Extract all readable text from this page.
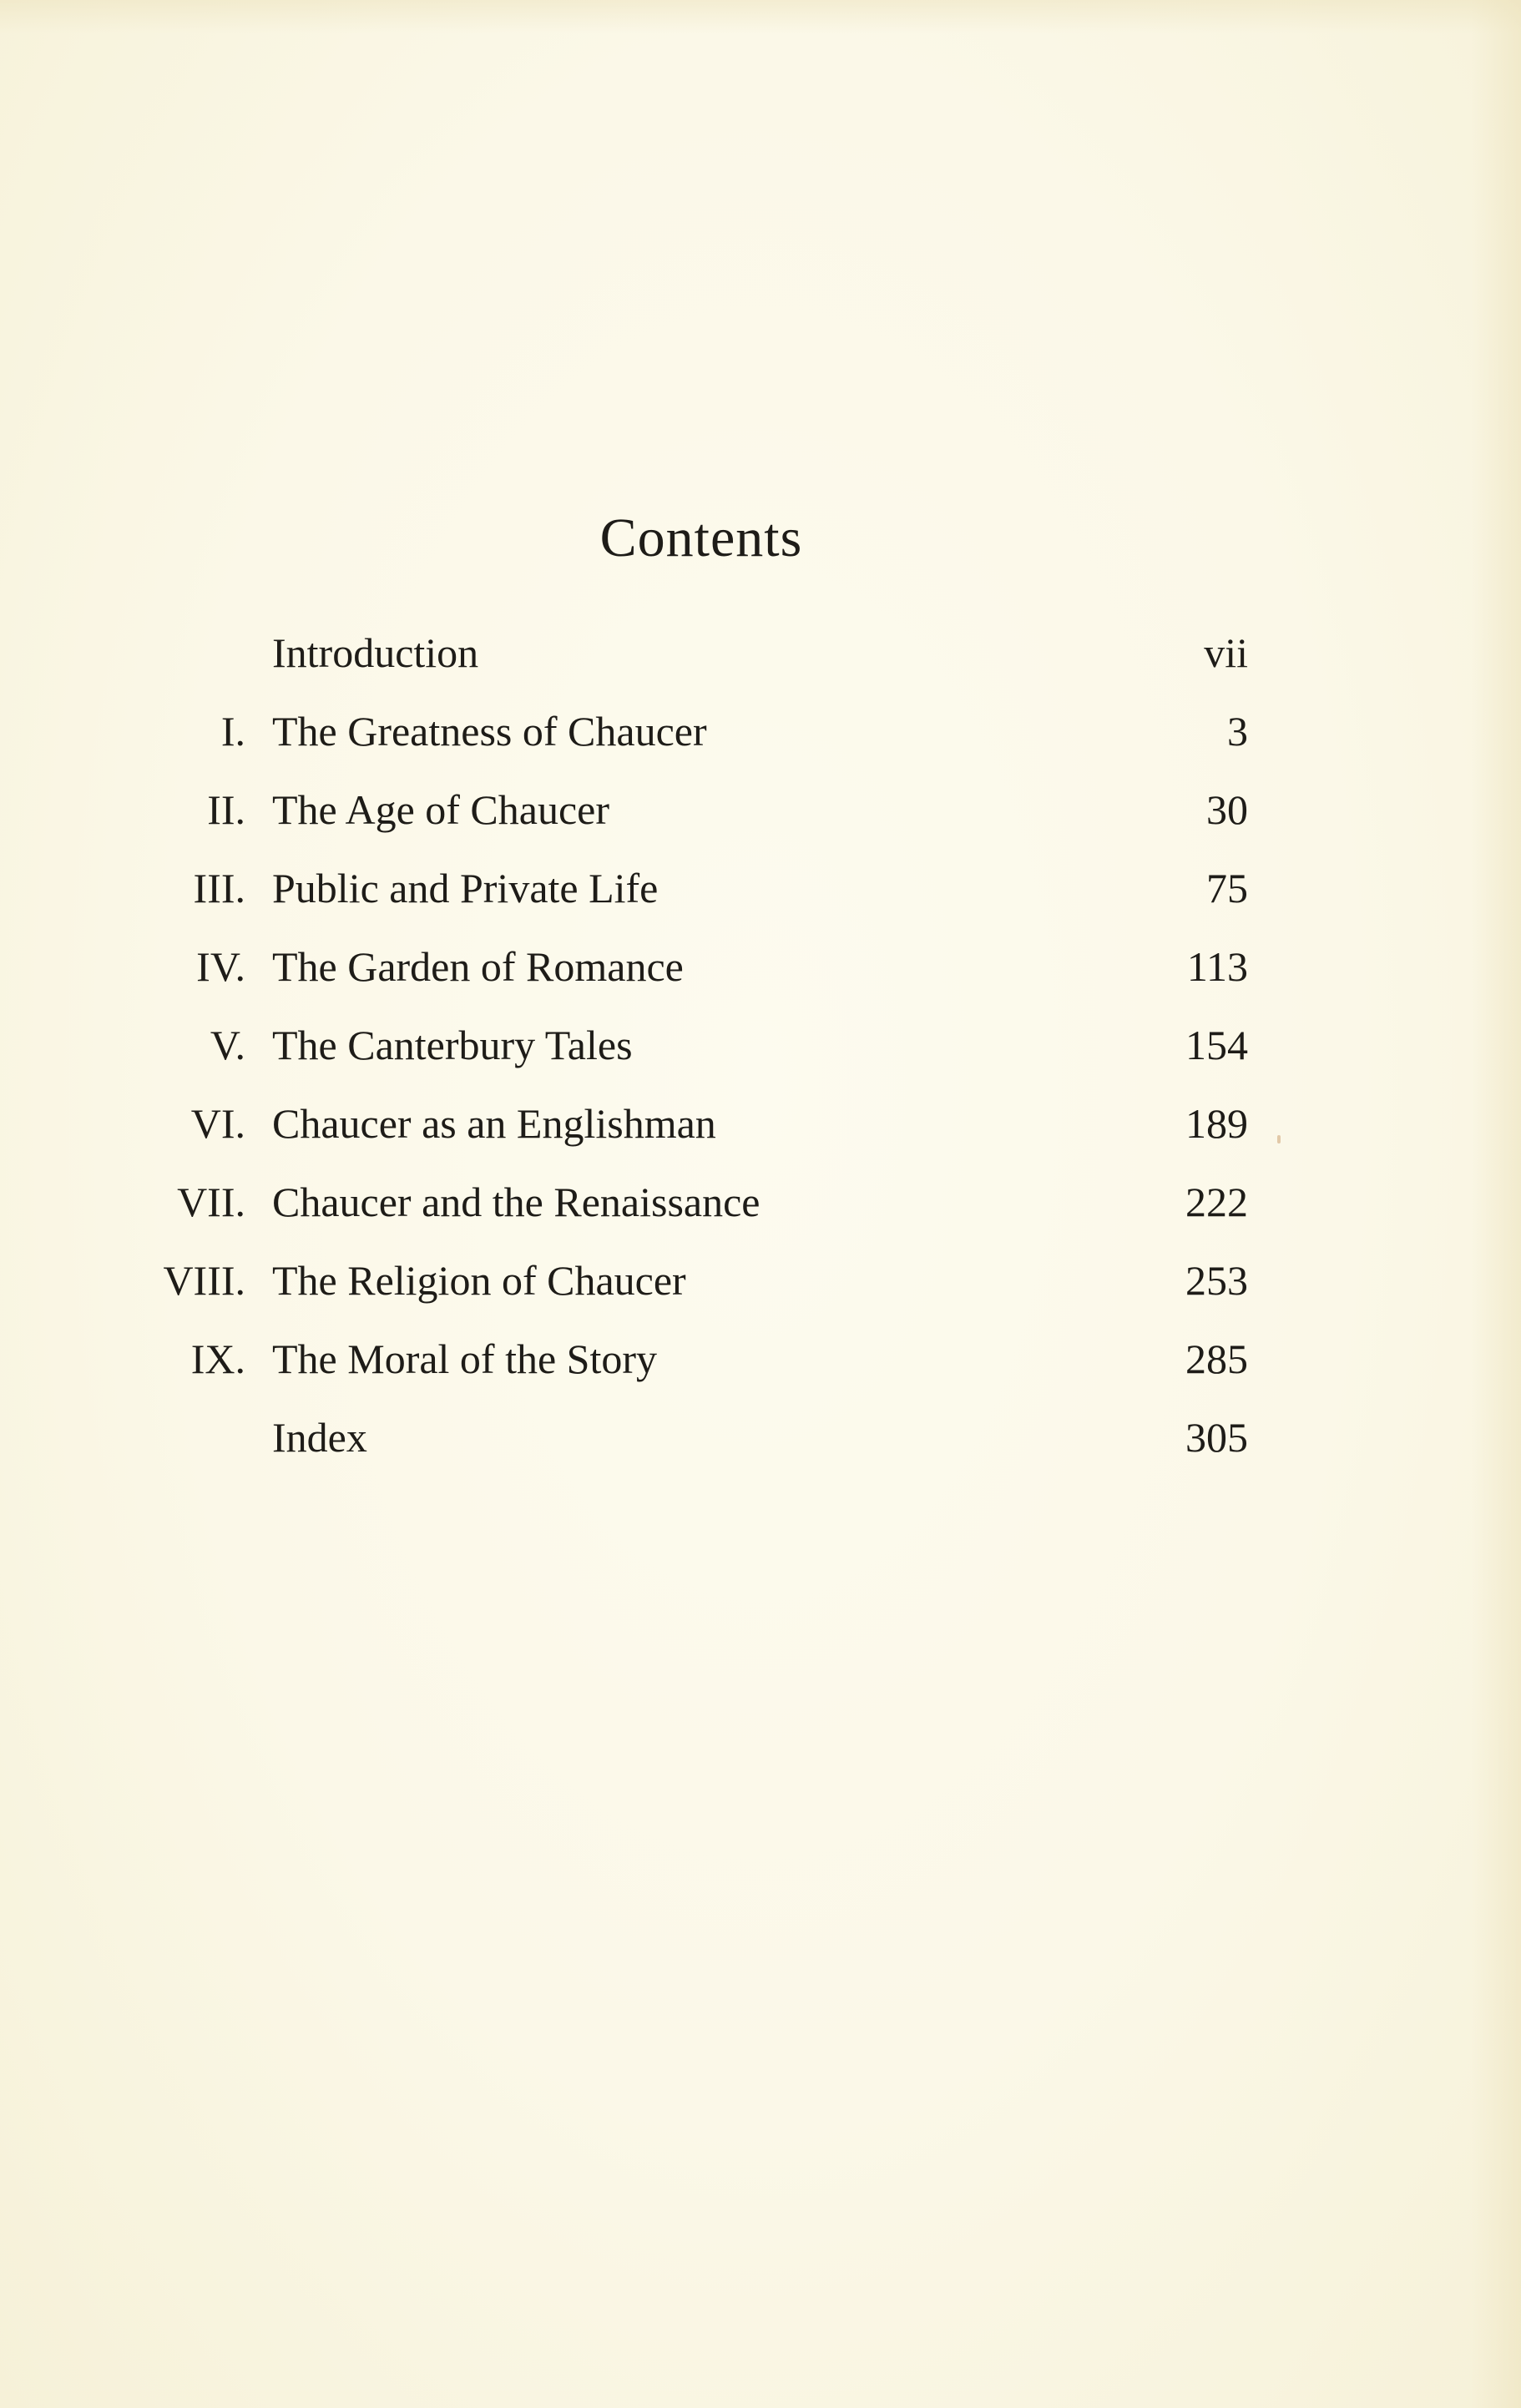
Contents
Introduction	vii
I. The Greatness of Chaucer	3
II. The Age of Chaucer	30
III. Public and Private Life	75
IV. The Garden of Romance	113
V. The Canterbury Tales	154
VI. Chaucer as an Englishman	189
VII. Chaucer and the Renaissance	222
VIII. The Religion of Chaucer	253
IX. The Moral of the Story	285
Index	305
